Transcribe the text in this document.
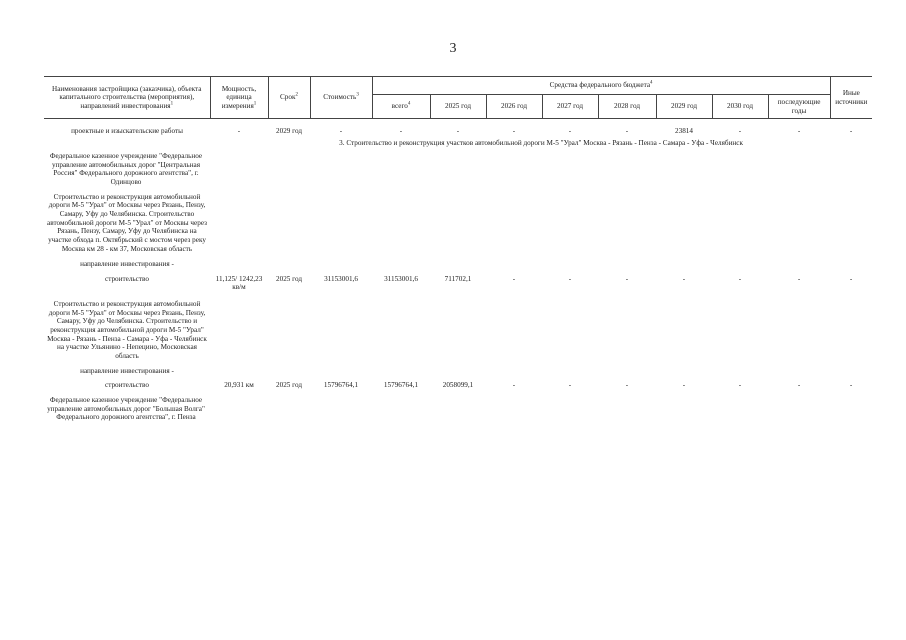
3
Наименования застройщика (заказчика), объекта капитального строительства (мероприятия), направлений инвестирования$^1$	Мощность, единица измерения$^1$	Срок$^2$	Стоимость$^3$	Средства федерального бюджета$^4$								Иные источники
				всего$^4$	2025 год	2026 год	2027 год	2028 год	2029 год	2030 год	последующие годы	

проектные и изыскательские работы	-	2029 год	-	-	-	-	-	-	23814	-	-	-
	3. Строительство и реконструкция участков автомобильной дороги М-5 "Урал" Москва - Рязань - Пенза - Самара - Уфа - Челябинск											
Федеральное казенное учреждение "Федеральное управление автомобильных дорог "Центральная Россия" Федерального дорожного агентства", г. Одинцово												

Строительство и реконструкция автомобильной дороги М-5 "Урал" от Москвы через Рязань, Пензу, Самару, Уфу до Челябинска. Строительство автомобильной дороги М-5 "Урал" от Москвы через Рязань, Пензу, Самару, Уфу до Челябинска на участке обхода п. Октябрьский с мостом через реку Москва км 28 - км 37, Московская область												

направление инвестирования -												

строительство	11,125/ 1242,23 кв/м	2025 год	31153001,6	31153001,6	711702,1	-	-	-	-	-	-	-

Строительство и реконструкция автомобильной дороги М-5 "Урал" от Москвы через Рязань, Пензу, Самару, Уфу до Челябинска. Строительство и реконструкция автомобильной дороги М-5 "Урал" Москва - Рязань - Пенза - Самара - Уфа - Челябинск на участке Ульянино - Непецино, Московская область												

направление инвестирования -												

строительство	20,931 км	2025 год	15796764,1	15796764,1	2058099,1	-	-	-	-	-	-	-

Федеральное казенное учреждение "Федеральное управление автомобильных дорог "Большая Волга" Федерального дорожного агентства", г. Пенза												
